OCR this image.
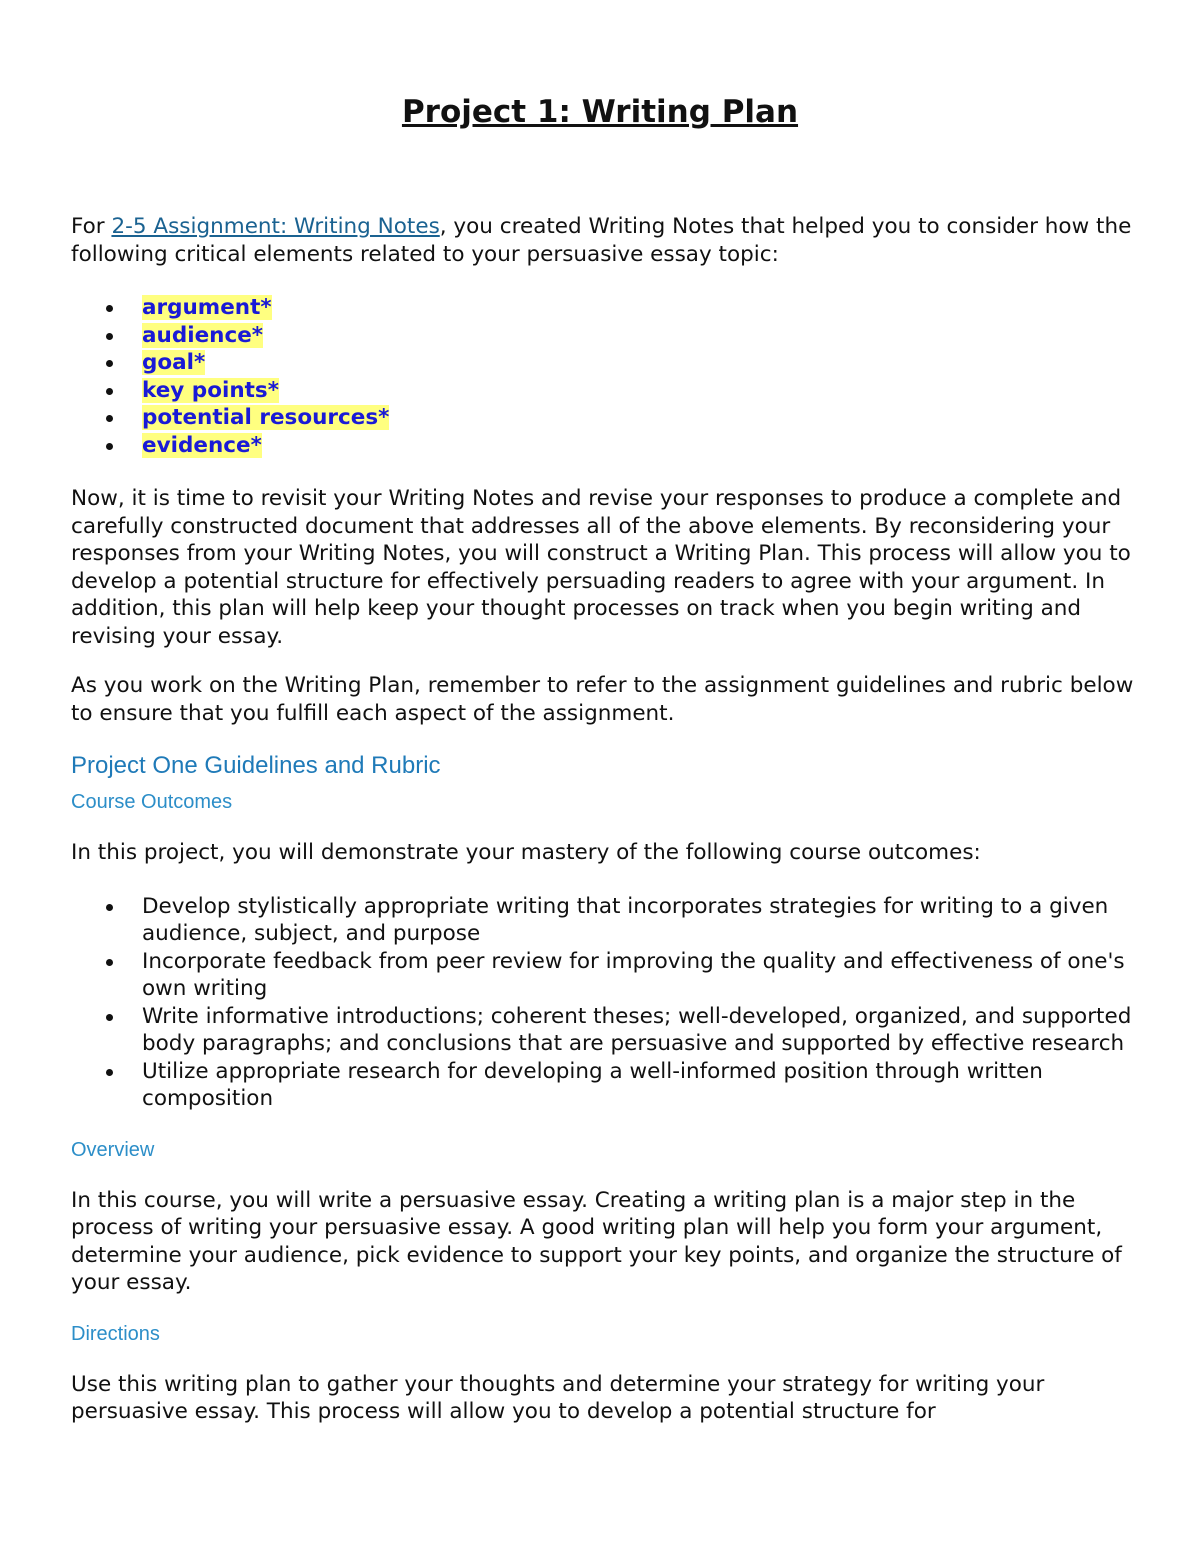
Project 1: Writing Plan

For 2-5 Assignment: Writing Notes, you created Writing Notes that helped you to consider how the following critical elements related to your persuasive essay topic:

argument*
audience*
goal*
key points*
potential resources*
evidence*

Now, it is time to revisit your Writing Notes and revise your responses to produce a complete and carefully constructed document that addresses all of the above elements. By reconsidering your responses from your Writing Notes, you will construct a Writing Plan. This process will allow you to develop a potential structure for effectively persuading readers to agree with your argument. In addition, this plan will help keep your thought processes on track when you begin writing and revising your essay.

As you work on the Writing Plan, remember to refer to the assignment guidelines and rubric below to ensure that you fulfill each aspect of the assignment.

Project One Guidelines and Rubric
Course Outcomes

In this project, you will demonstrate your mastery of the following course outcomes:

Develop stylistically appropriate writing that incorporates strategies for writing to a given audience, subject, and purpose
Incorporate feedback from peer review for improving the quality and effectiveness of one's own writing
Write informative introductions; coherent theses; well-developed, organized, and supported body paragraphs; and conclusions that are persuasive and supported by effective research
Utilize appropriate research for developing a well-informed position through written composition
Overview

In this course, you will write a persuasive essay. Creating a writing plan is a major step in the process of writing your persuasive essay. A good writing plan will help you form your argument, determine your audience, pick evidence to support your key points, and organize the structure of your essay.

Directions

Use this writing plan to gather your thoughts and determine your strategy for writing your persuasive essay. This process will allow you to develop a potential structure for
